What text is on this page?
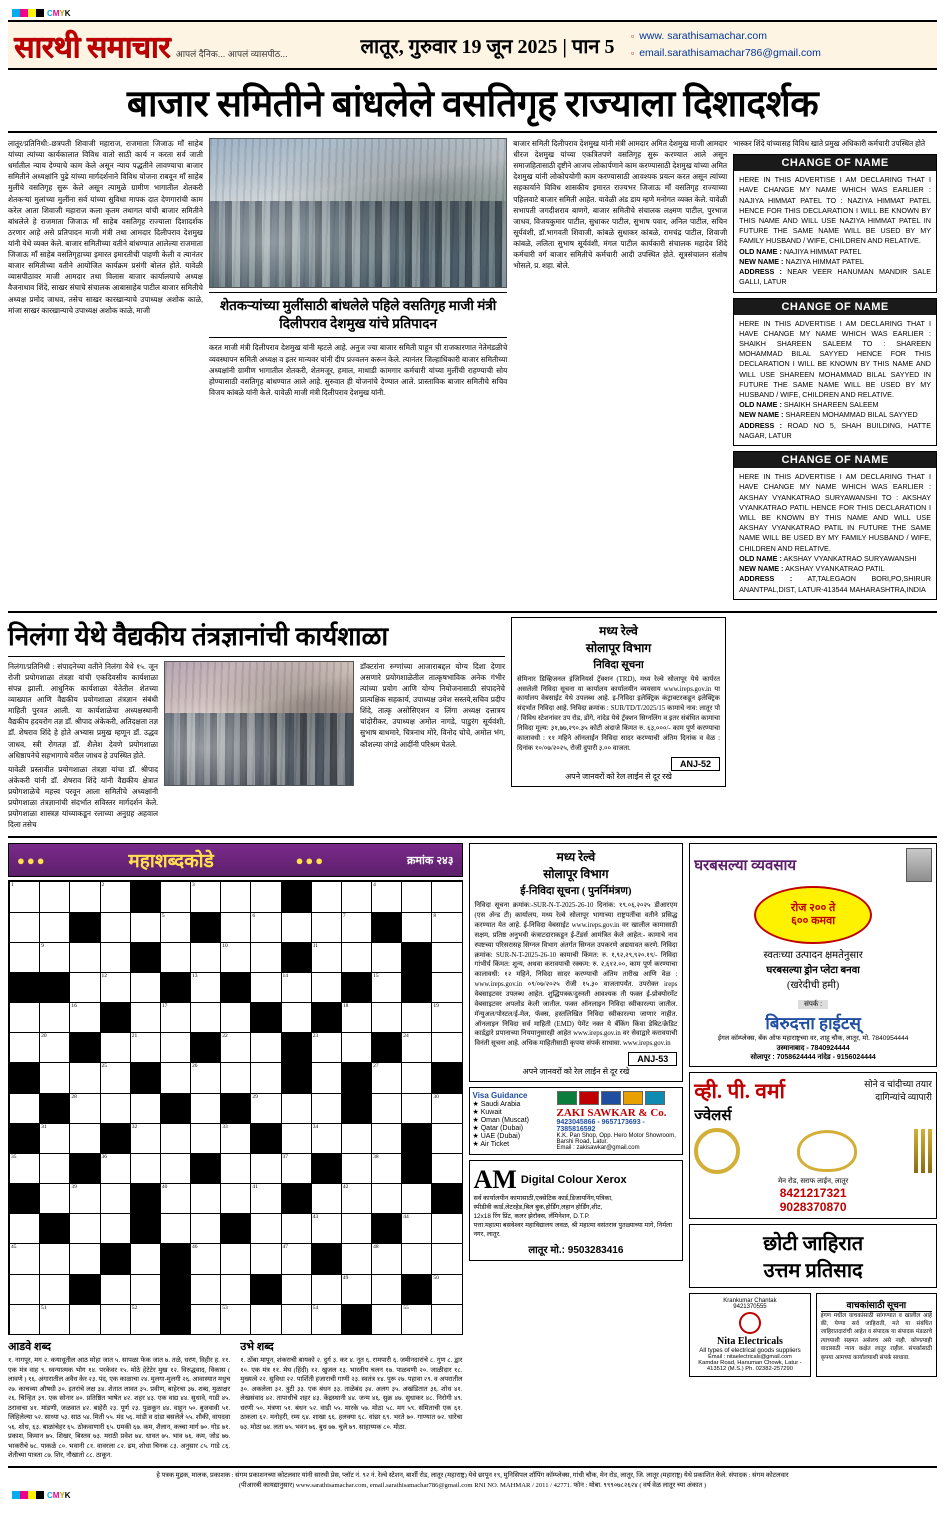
CMYK
सारथी समाचार आपलं दैनिक... आपलं व्यासपीठ...	लातूर, गुरुवार 19 जून 2025 | पान 5	▫ www. sarathisamachar.com
▫ email.sarathisamachar786@gmail.com
बाजार समितीने बांधलेले वसतिगृह राज्याला दिशादर्शक
लातूर/प्रतिनिधी:-छत्रपती शिवाजी महाराज, राजमाता जिजाऊ माँ साहेब यांच्या त्यांच्या कार्यकालात विविध वातो साठी कार्य न करता सर्व जाती धर्मातील न्याय देण्याचे काम केले असून न्याय पद्धतीने लावण्याचा बाजार समितीने अध्यक्षांनि पुढे यांच्या मार्गदर्शनाने विविध योजना राबवून माँ साहेब मुलींचे वसतिगृह सुरू केले असून त्यामुळे ग्रामीण भागातील शेतकरी शेतकऱ्यां मुलांच्या मुलींना सर्व यांच्या सुविधा मापक दात देणगारांची काम करेल आता शिवाजी महाराज कला कृतम तथागत यांची बाजार समितीने बांधलेले हे राजमाता जिजाऊ माँ साहेब वसतिगृह राज्याला दिशादर्शक ठरणार आहे असे प्रतिपादन माजी मंत्री तथा आमदार दिलीपराव देशमुख यांनी येथे व्यक्त केले. बाजार समितीच्या वतीने बांधण्यात आलेल्या राजमाता जिजाऊ माँ साहेब वसतिगृहाच्या इमारत इमारतीची पाहणी केली व त्यानंतर बाजार समितीच्या वतीने आयोजित कार्यक्रम प्रसंगी बोलत होते. यावेळी व्यासपीठावर माजी आमदार तथा विलास बाजार कार्यालयाचे अध्यक्ष वैजनाथाव शिंदे, साखर संघाचे संचालक आबासाहेब पाटील बाजार समितीचे अध्यक्ष प्रमोद जाधव, तसेच साखर कारखान्याचे उपाध्यक्ष अशोक काळे, मांजा साखर कारखान्याचे उपाध्यक्ष अशोक काळे, माजी	शेतकऱ्यांच्या मुलींसाठी बांधलेले पहिले वसतिगृह माजी मंत्री दिलीपराव देशमुख यांचे प्रतिपादन
करत माजी मंत्री दिलीपराव देशमुख यांनी म्हटले आहे. अनुज ज्या बाजार समिती पाहून ची राजकारणात नेतेमंडळीचे व्यवस्थापन समिती अध्यक्ष व इतर मान्यवर यांनी दीप प्रज्वलन करून केले. त्यानंतर जिल्हाधिकारी बाजार समितीच्या अध्यक्षांनी ग्रामीण भागातील शेतकरी, शेतमजूर, हमाल, माथाडी कामगार कर्मचारी यांच्या मुलींची राहण्याची सोय होण्यासाठी वसतिगृह बांधण्यात आले आहे. सुरुवात ही योजनांचे देण्यात आले. प्रास्ताविक बाजार समितीचे सचिव विजय कांबळे यांनी केले. यावेळी माजी मंत्री दिलीपराव देशमुख यांनी.
बाजार समिती दिलीपराव देशमुख यांनी मंत्री आमदार अमित देशमुख माजी आमदार धीरज देशमुख यांच्या एकत्रितपणे वसतिगृह सुरू करण्यात आले असून समाजहितासाठी दृष्टीने आजच लोकार्पणाने काम करण्यासाठी देशमुख यांच्या अमित देशमुख यांनी लोकोपयोगी काम करण्यासाठी आवश्यक प्रयत्न करत असून त्यांच्या सहकार्याने विविध शासकीय इमारत राज्यभर जिजाऊ माँ वसतिगृह राज्याच्या पहिलवाटे बाजार समिती आहेत. यावेळी अंड डाय म्हणे मनोगत व्यक्त केले. यावेळी सभापती जगदीशराव बाणगे, बाजार समितीचे संचालक लक्ष्मण पाटील, पुरभाज जाधव, विजयकुमार पाटील, सुधाकर पाटील, सुभाष पवार, अनिल पाटील, सचिन सूर्यवंशी, डॉ.भागवती शिवाजी, कांबळे सुधाकर कांबळे, रामचंद्र पाटील, शिवाजी कांबळे, ललिता सुभाष सूर्यवंशी, मंगल पाटील कार्यकारी संचालक महादेव शिंदे कर्मचारी वर्ग बाजार समितीचे कर्मचारी आदी उपस्थित होते. सूत्रसंचालन संतोष भोसले, प्र. शहा. बोले.
भास्कर शिंदे यांच्यासह विविध खाते प्रमुख अधिकारी कर्मचारी उपस्थित होते
CHANGE OF NAME
HERE IN THIS ADVERTISE I AM DECLARING THAT I HAVE CHANGE MY NAME WHICH WAS EARLIER : NAJIYA HIMMAT PATEL TO : NAZIYA HIMMAT PATEL HENCE FOR THIS DECLARATION I WILL BE KNOWN BY THIS NAME AND WILL USE NAZIYA HIMMAT PATEL IN FUTURE THE SAME NAME WILL BE USED BY MY FAMILY HUSBAND / WIFE, CHILDREN AND RELATIVE.
OLD NAME : NAJIYA HIMMAT PATEL
NEW NAME : NAZIYA HIMMAT PATEL
ADDRESS : NEAR VEER HANUMAN MANDIR SALE GALLI, LATUR
CHANGE OF NAME
HERE IN THIS ADVERTISE I AM DECLARING THAT I HAVE CHANGE MY NAME WHICH WAS EARLIER : SHAIKH SHAREEN SALEEM TO : SHAREEN MOHAMMAD BILAL SAYYED HENCE FOR THIS DECLARATION I WILL BE KNOWN BY THIS NAME AND WILL USE SHAREEN MOHAMMAD BILAL SAYYED IN FUTURE THE SAME NAME WILL BE USED BY MY HUSBAND / WIFE, CHILDREN AND RELATIVE.
OLD NAME : SHAIKH SHAREEN SALEEM
NEW NAME : SHAREEN MOHAMMAD BILAL SAYYED
ADDRESS : ROAD NO 5, SHAH BUILDING, HATTE NAGAR, LATUR
CHANGE OF NAME
HERE IN THIS ADVERTISE I AM DECLARING THAT I HAVE CHANGE MY NAME WHICH WAS EARLIER : AKSHAY VYANKATRAO SURYAWANSHI TO : AKSHAY VYANKATRAO PATIL HENCE FOR THIS DECLARATION I WILL BE KNOWN BY THIS NAME AND WILL USE AKSHAY VYANKATRAO PATIL IN FUTURE THE SAME NAME WILL BE USED BY MY FAMILY HUSBAND / WIFE, CHILDREN AND RELATIVE.
OLD NAME : AKSHAY VYANKATRAO SURYAWANSHI
NEW NAME : AKSHAY VYANKATRAO PATIL
ADDRESS : AT,TALEGAON BORI,PO,SHIRUR ANANTPAL,DIST, LATUR-413544 MAHARASHTRA,INDIA
निलंगा येथे वैद्यकीय तंत्रज्ञानांची कार्यशाळा
निलंगा/प्रतिनिधी : संपादनेच्या वतीने निलंगा येथे १५. जून रोजी प्रयोगशाळा तंत्रज्ञा यांची एकदिवसीय कार्यशाळा संपन्न झाली. आधुनिक कार्यशाळा येतेतील शेतच्या व्याख्यात आणि वैद्यकीय प्रयोगशाळा तंत्रज्ञान संबंधी माहिती पुरवत आली. या कार्यशाळेचा अध्यक्षस्थानी वैद्यकीय हदयरोग तज्ञ डॉ. श्रीपाद अंकेकरी, अतिदक्षता तज्ञ डॉ. शेषराव शिंदे हे होते अभ्यास प्रमुख म्हणून डॉ. उद्धव जाधव, स्त्री रोगतज्ञ डॉ. शैलेश देवणे प्रयोगशाळा अधिष्ठापनेचे सहभागाचे वरील जाधव हे उपस्थित होते.
यावेळी प्रस्तावीत प्रयोगशाळा तंत्रज्ञा यांचा डॉ. श्रीपाद अंकेकरी यांनी डॉ. शेषराव शिंदे यांनी वैद्यकीय क्षेत्रात प्रयोगशाळेचे महत्त्व परवून आला समितीचे अध्यक्षांनी प्रयोगशाळा तंत्रज्ञानांची संदर्भात सविस्तर मार्गदर्शन केले. प्रयोगशाळा शास्त्रज्ञ यांच्याकडून रलाच्या अनुग्रह अहवाल दिला तसेच
डॉक्टरांना रुग्णांच्या आजाराबद्दल योग्य दिशा देणार असणारे प्रयोगशाळेतील तात्कृषभाविक अनेक गंभीर त्यांच्या प्रयोग आणि योग्य नियोजनासाठी संपादनेचे प्रात्यक्षिक सहकार्य, उपाध्यक्ष उमेश सस्तये,सचिव प्रदीप शिंदे, तात्कृ असोसिएशन व लिंगा अध्यक्ष दत्तात्रय चांदोरीकर, उपाध्यक्ष अमोल नागडे, पाडुरंग सूर्यवंशी, सुभाष बाथमारे, चित्रनाथ मोरे, विनोद चोचे, अमोल भंग, कौशल्या जंगडे आदींनी परिश्रम घेतले.
मध्य रेल्वे
सोलापूर विभाग
निविदा सूचना
सेमिनार डिव्हिजनल इंजिनियर्स ट्रॅक्शन (TRD), मध्य रेल्वे सोलापूर येथे कार्यरत असलेली निविदा सूचना या कार्यालय कार्यालयीन व्यवसाय www.ireps.gov.in या कार्यालय वेबसाईट येथे उपलब्ध आहे. इ-निविदा इलेक्ट्रिक कंट्राक्टरकडून इलेक्ट्रिक संदर्भात निविदा आहे. निविदा क्रमांक : SUR/TD/T/2025/15 कामाचे नाव: लातूर पो / विविध स्टेशनांवर उप रोड, डोंगे, नांदेड येथे ट्रॅक्शन सिग्नलिंग व इतर संबंधित कामाचा निविदा मूल्य: ३१,७७,२९०.३५ कोटी अंदाजे किंमत रु. ६३,०००/- काम पूर्ण करण्याचा कालावधी : ११ महिने ऑनलाईन निविदा सादर करण्याची अंतिम दिनांक व वेळ : दिनांक १०/०७/२०२५, रोजी दुपारी ३.०० वाजता.
ANJ-52
अपने जानवरों को रेल लाईन से दूर रखे
●●●	महाशब्दकोडे	●●●	क्रमांक २४३
1	2	3	4
5	6	7	8
9	10	11
12	13	14	15
16	17	18	19
20	21	22	23	24
25	26	27
28	29	30
31	32	33	34
35	36	37	38
39	40	41	42
43	44
45	46	47	48
49	50
51	52	53	54	55
आडवे शब्द
१. नागपूर, मग २. कयाधूतील आठ मोहा जात ५. सापळा फेक जात ७. तळे, धरण, विहीर ह. ११. एक मंत्र वाह ९. ध्वन्यात्मक भोग १४. परकेवर १५. मोठे हेटेटेर मुख १२. विरुद्धवाद, विकास ( लावणे ) १६. अंगारातील अवैध केर २३. पंद, एक काळाचा २४. मुलगा-मुलगी २६. आवास्यात मधुच २७. काचव्या औषधी ३०. इतरांचे लक्ष ३४. शेतात लावत ३५. प्रवीण, बाहेरचा ३७. शब्द, मुळाक्षर २६. चिन्हित ३९. एक सोनार ४०. प्रतिष्ठित भाषेत ४२. शहर ४३. एक वाद्य ४४. सुधावे, गाडी ४५. ठरावाचा ४१. मांडणी, जळवात ४२. बाहेरी २३. पूर्ण २३. पुळकून ४४. वाहून ५०. बुजवावी ५१. लिहिलेल्या ५२. साध्या ५३. साठ ५४. मिती ५५. मंद ५६. मांडी व दांडा बसलेले ५५. शौकी, वायदवा ५६. शोध, ६३. बाळांचेहर ६५. ठोकवाणारी ६५. ग्रमकी ६७. कम, शैलान, कच्चा मार्ग ७०. गोड ७१. प्रकाश, किमान ७५. शिखर, बिस्तव ७३. मराठी प्रवेश ७४. धावत ७५. भाव ७६. कम, जोड ७७. भाकरीचे ७८. पाकळे ८०. भवानी ८१. वावरला ८२. ढम, शोधा चिनक ८३. अनुसार ८५. गाडे ८६. शेतीच्या पात्रता ८७. शिर, नौखातो ८८. ठाकून.
उभे शब्द
१. ठोंबा मापून, शंकराची बायको २. दुर्ग ३. कर ४. नूत ६. रामपारी ६. जमीनदारांचे ८. गुण ८. द्वार १०. एक मंत्र ११. मेघ (हिंदी) १२. खुजल १३. भारतीय चलन १७. पाळवणी २०. जाळीदार १८. मुख्यत्वे २२. सुविधा २२. पार्शिती हजाराची गाणी २३. स्वतंत्र १४. पुरू २७. पहावा २९. व अपरातील ३०. अकलेला ३२. त्रुटी ३३. एक बंधन ३३. ताळेबंद ३४. अलग ३५. अखंडितात ३६. शोध ४१. लेखसंवाद ४२. तापाधीचे शहर ४३. केंद्रस्थानी ४४. जन्म ४६. सुक्र ४७. सुधाकर ४८. निरोगी ४९. धरणी ५०. मंत्रणा ५१. बंधन ५२. वाडी ५५. मारके ५७. मोठा ५८. मग ५९. संमिताची एक ६१. ठाकला ६२. मनोहरी, रम्य ६४. शाखा ६६. हलक्या ६८. वांछा ६९. भरते ७०. गाण्यात ७२. धारेचा ७३. मोठा ७४. लता ७५. भवन ७६. बुध ७७. चुले ७९. साहाय्यक ८०. मोठा.
मध्य रेल्वे
सोलापूर विभाग
ई-निविदा सूचना ( पुनर्निमंत्रण)
निविदा सूचना क्रमांक:-SUR-N-T-2025-26-10 दिनांक: १९.०६.२०२५ डीआरएम (एस ॲन्ड टी) कार्यालय, मध्य रेल्वे सोलापूर भागाच्या राष्ट्रपतींचा वतीने प्रसिद्ध करण्यात येत आहे. ई-निविदा वेबसाईट www.ireps.gov.in वर खालील कामासाठी सक्षम, प्रतिष्ठ अनुभवी कंत्राटदाराकडून ई-टेंडर्स आमंत्रित केले आहेत:- कामाचे नाव स्पष्टच्या परिसरासह सिग्नल विभाग अंतर्गत सिग्नल उपकरणे अद्ययावत करणे. निविदा क्रमांक: SUR-N-T-2025-26-10 कामाची किंमत: रु. १,९२,२९,९२०.१९/- निविदा गांभीर्य किंमत: शून्य, अथवा करावयाची रक्कम: रु. २,६१२.००, काम पूर्ण करण्याचा कालावधी: १२ महिने, निविदा सादर करण्याची अंतिम तारीख आणि वेळ : www.ireps.gov.in ०९/०७/२०२५ रोजी १५.३० वाजतापर्यंत. उपरोक्त ireps वेबसाइटवर उपलब्ध आहेत. शुद्धिपत्रक/दुरुस्ती आवश्यक ती फक्त ई-प्रोक्योरमेंट वेबसाइटवर अपलोड केली जातील. फक्त ऑनलाइन निविदा स्वीकारल्या जातील. मॅन्युअल/पोस्टल/ई-मेल, फॅक्स, हस्तलिखित निविदा स्वीकारल्या जाणार नाहीत. ऑनलाइन निविदा सर्व माहिती (EMD) पेमेंट नक्त ये बँकिंग किंवा डेबिट/क्रेडिट कार्डद्वारे प्रपानाच्या नियमानुसारही आहेत www.ireps.gov.in वर सेवाद्वारे करावयाची विनंती सूचना आहे. अधिक माहितीसाठी कृपया संपर्क साधावा. www.ireps.gov.in
ANJ-53
अपने जानवरों को रेल लाईन से दूर रखे
Visa Guidance
★ Saudi Arabia
★ Kuwait
★ Oman (Muscat)
★ Qatar (Dubai)
★ UAE (Dubai)
★ Air Ticket
ZAKI SAWKAR & Co.
9423045866 - 9657173693 - 7385816592
K.K. Pan Shop, Opp. Hero Motor Showroom, Barshi Road, Latur.
Email : zakisawkar@gmail.com
AM Digital Colour Xerox
सर्व कार्यालयीन कामासाठी,एक्सेटिक कार्ड,डिजायनिंग,पत्रिका,
स्पीडीवी कार्ड,लेटरहेड,बिल बुक,होर्डिंग,लहान होर्डिंग,शीट,
12x18 रिंग प्रिंट, कलर झेरॉक्स, लॅमिनेशन, D.T.P.
पत्ता:महात्मा बसवेश्वर महाविद्यालय जवळ, श्री महात्मा वसंतराव पुतळ्याच्या मागे, निर्मला नगर, लातूर.
लातूर मो.: 9503283416
घरबसल्या व्यवसाय
रोज २०० ते
६०० कमवा
स्वतःच्या उत्पादन क्षमतेनुसार
घरबसल्या ड्रोन प्लेटा बनवा
(खरेदीची हमी)
संपर्क :
बिरुदत्ता हाईटस्
ईगल कॉम्प्लेक्स, बँक ऑफ महाराष्ट्रच्या वर, शाहू चौक, लातूर, मो. 7840954444
उस्मानाबाद - 7840924444
सोलापूर : 7058624444 नांदेड - 9156024444
व्ही. पी. वर्मा
ज्वेलर्स
सोने व चांदीच्या तयार
दागिन्यांचे व्यापारी
मेन रोड, सराफ लाईन, लातूर
8421217321
9028370870
छोटी जाहिरात
उत्तम प्रतिसाद
Krankumar Chantak
9421370555
Nita Electricals
All types of electrical goods suppliers
Email : nitaelectricals@gmail.com
Kamdar Road, Hanuman Chowk, Latur - 413512 (M.S.) Ph. 02382-257290
वाचकांसाठी सूचना
इंगण मधील वाचकांसाठी सांगण्यात व खालील आहे की, येण्या सर्व जाहिराती, मते या संबंधित जाहिरातदारांची आहेत व संपादक या संपादक मंडळाचे त्याच्याशी सहमत असेलच असे नाही. कोणत्याही वादासाठी न्याय कक्षेत लातूर राहील. संपर्कासाठी कृपया आमच्या कार्यालयाशी संपर्क साधावा.
हे पत्रक मुद्रक, मालक, प्रकाशक : संगम प्रकाशनच्या कोटलवार यांनी सारथी प्रेस, प्लॉट नं. ९२ नं. रेल्वे स्टेशन, बार्शी रोड, लातूर (महाराष्ट्र) येथे छापून १९, मुनिसिपल शॉपिंग कॉम्प्लेक्स, गांधी चौक, मेन रोड, लातूर, जि. लातूर (महाराष्ट्र) येथे प्रकाशित केले. संपादक : संगम कोटलवार
(पीआरबी कायद्यानुसार) www.sarathisamachar.com, email.sarathisamachar786@gmail.com RNI NO. MAHMAR / 2011 / 42771. फोन : मोबा. ९९९०७८२६२४ ( वर्ष वेळ लातूर च्या अंकात )
CMYK
